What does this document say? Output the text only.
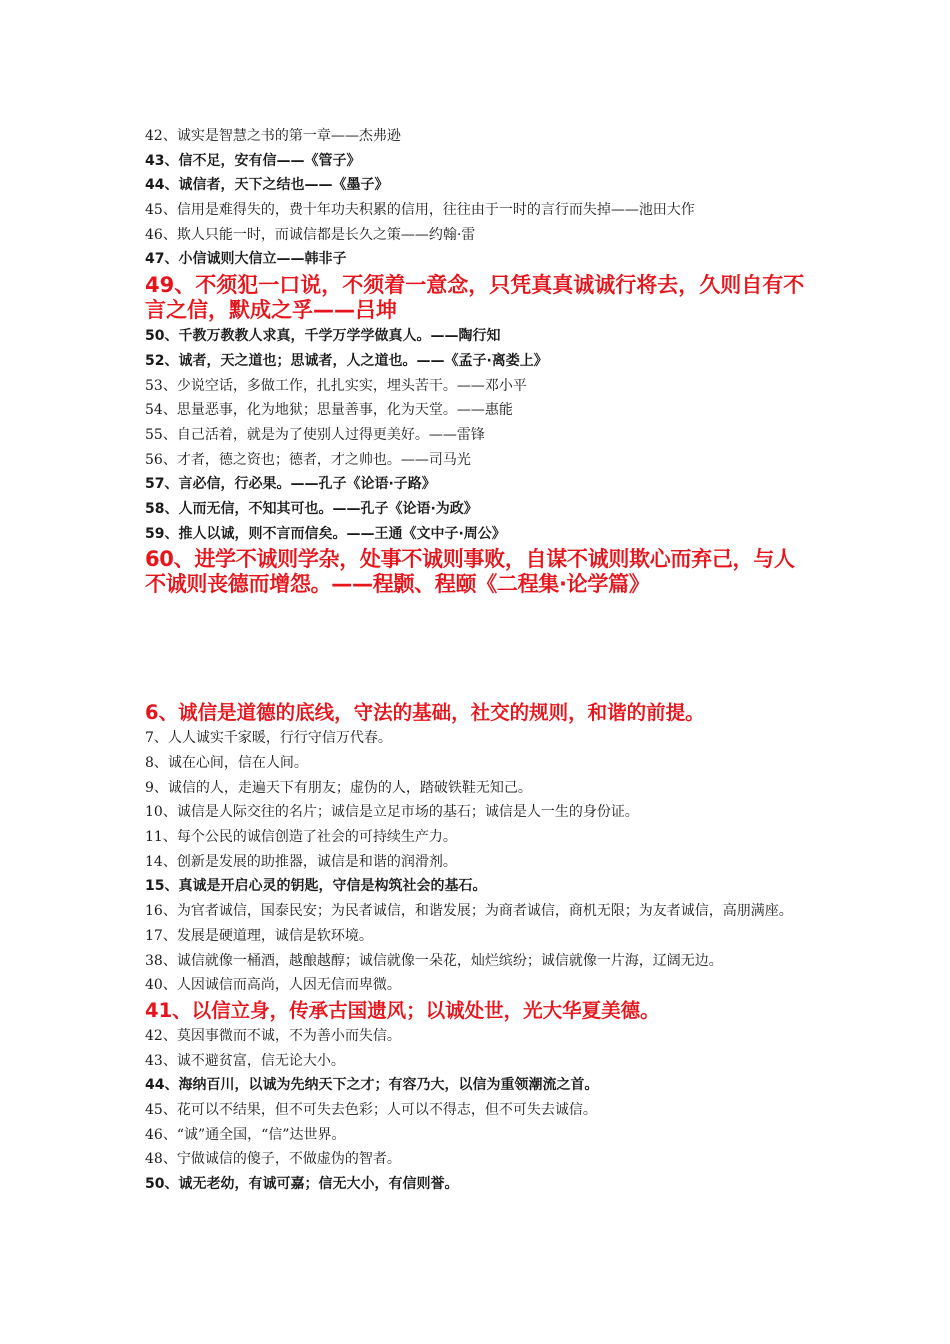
42、诚实是智慧之书的第一章——杰弗逊
43、信不足，安有信——《管子》
44、诚信者，天下之结也——《墨子》
45、信用是难得失的，费十年功夫积累的信用，往往由于一时的言行而失掉——池田大作
46、欺人只能一时，而诚信都是长久之策——约翰·雷
47、小信诚则大信立——韩非子
49、不须犯一口说，不须着一意念，只凭真真诚诚行将去，久则自有不言之信，默成之孚——吕坤
50、千教万教教人求真，千学万学学做真人。——陶行知
52、诚者，天之道也；思诚者，人之道也。——《孟子·离娄上》
53、少说空话，多做工作，扎扎实实，埋头苦干。——邓小平
54、思量恶事，化为地狱；思量善事，化为天堂。——惠能
55、自己活着，就是为了使别人过得更美好。——雷锋
56、才者，德之资也；德者，才之帅也。——司马光
57、言必信，行必果。——孔子《论语·子路》
58、人而无信，不知其可也。——孔子《论语·为政》
59、推人以诚，则不言而信矣。——王通《文中子·周公》
60、进学不诚则学杂，处事不诚则事败，自谋不诚则欺心而弃己，与人不诚则丧德而增怨。——程颢、程颐《二程集·论学篇》
6、诚信是道德的底线，守法的基础，社交的规则，和谐的前提。
7、人人诚实千家暖，行行守信万代春。
8、诚在心间，信在人间。
9、诚信的人，走遍天下有朋友；虚伪的人，踏破铁鞋无知己。
10、诚信是人际交往的名片；诚信是立足市场的基石；诚信是人一生的身份证。
11、每个公民的诚信创造了社会的可持续生产力。
14、创新是发展的助推器，诚信是和谐的润滑剂。
15、真诚是开启心灵的钥匙，守信是构筑社会的基石。
16、为官者诚信，国泰民安；为民者诚信，和谐发展；为商者诚信，商机无限；为友者诚信，高朋满座。
17、发展是硬道理，诚信是软环境。
38、诚信就像一桶酒，越酿越醇；诚信就像一朵花，灿烂缤纷；诚信就像一片海，辽阔无边。
40、人因诚信而高尚，人因无信而卑微。
41、以信立身，传承古国遗风；以诚处世，光大华夏美德。
42、莫因事微而不诚，不为善小而失信。
43、诚不避贫富，信无论大小。
44、海纳百川，以诚为先纳天下之才；有容乃大，以信为重领潮流之首。
45、花可以不结果，但不可失去色彩；人可以不得志，但不可失去诚信。
46、“诚”通全国，“信”达世界。
48、宁做诚信的傻子，不做虚伪的智者。
50、诚无老幼，有诚可嘉；信无大小，有信则誉。
